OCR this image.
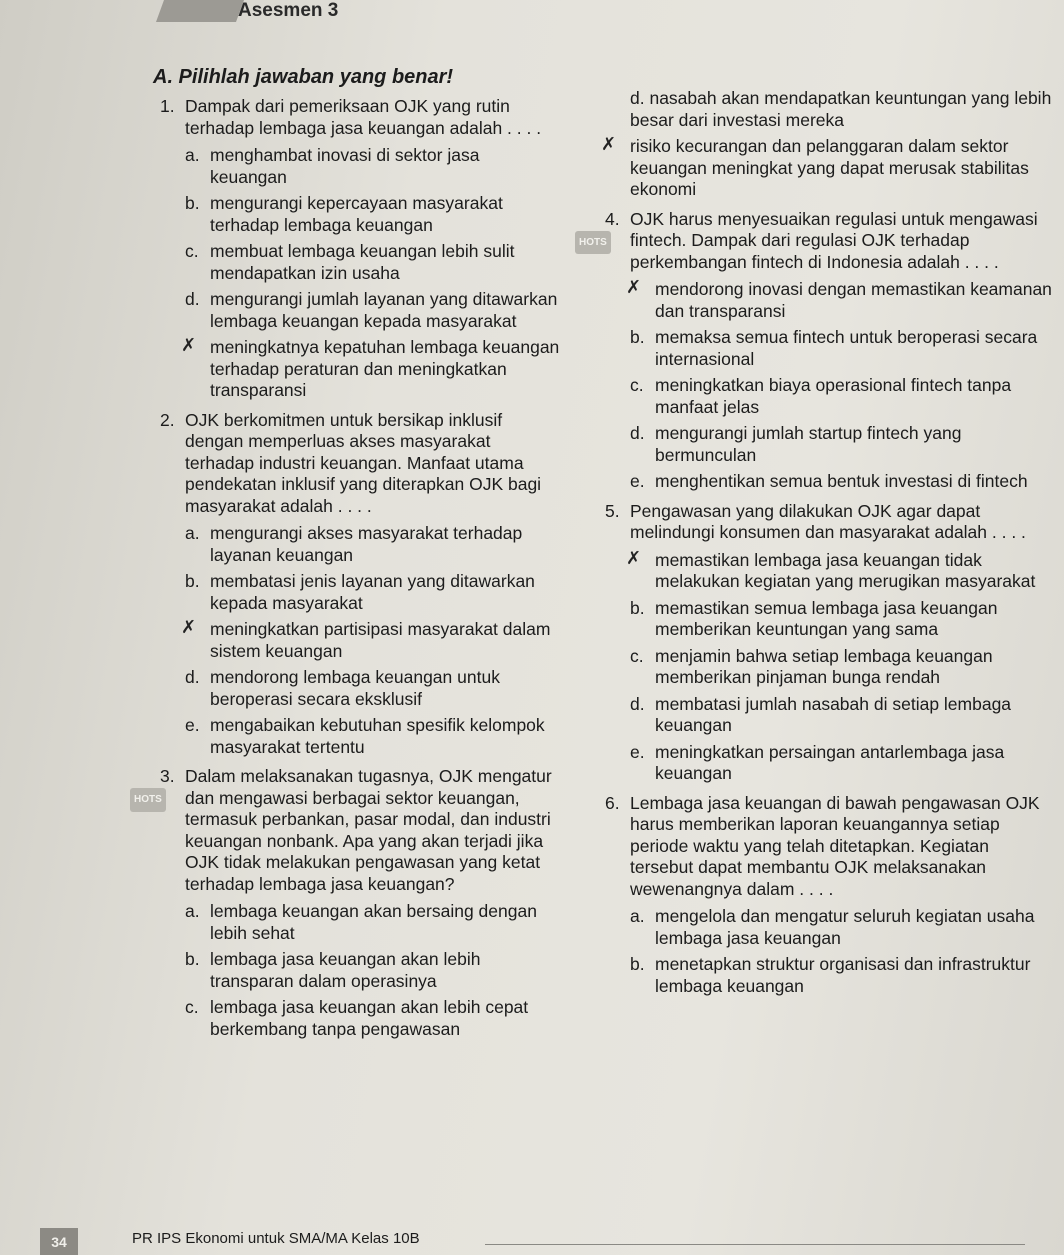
Asesmen 3
A. Pilihlah jawaban yang benar!
1. Dampak dari pemeriksaan OJK yang rutin terhadap lembaga jasa keuangan adalah . . . .
a. menghambat inovasi di sektor jasa keuangan
b. mengurangi kepercayaan masyarakat terhadap lembaga keuangan
c. membuat lembaga keuangan lebih sulit mendapatkan izin usaha
d. mengurangi jumlah layanan yang ditawarkan lembaga keuangan kepada masyarakat
✗ meningkatnya kepatuhan lembaga keuangan terhadap peraturan dan meningkatkan transparansi
2. OJK berkomitmen untuk bersikap inklusif dengan memperluas akses masyarakat terhadap industri keuangan. Manfaat utama pendekatan inklusif yang diterapkan OJK bagi masyarakat adalah . . . .
a. mengurangi akses masyarakat terhadap layanan keuangan
b. membatasi jenis layanan yang ditawarkan kepada masyarakat
✗ meningkatkan partisipasi masyarakat dalam sistem keuangan
d. mendorong lembaga keuangan untuk beroperasi secara eksklusif
e. mengabaikan kebutuhan spesifik kelompok masyarakat tertentu
3.
HOTS
Dalam melaksanakan tugasnya, OJK mengatur dan mengawasi berbagai sektor keuangan, termasuk perbankan, pasar modal, dan industri keuangan nonbank. Apa yang akan terjadi jika OJK tidak melakukan pengawasan yang ketat terhadap lembaga jasa keuangan?
a. lembaga keuangan akan bersaing dengan lebih sehat
b. lembaga jasa keuangan akan lebih transparan dalam operasinya
c. lembaga jasa keuangan akan lebih cepat berkembang tanpa pengawasan
d. nasabah akan mendapatkan keuntungan yang lebih besar dari investasi mereka
✗ risiko kecurangan dan pelanggaran dalam sektor keuangan meningkat yang dapat merusak stabilitas ekonomi
4.
HOTS
OJK harus menyesuaikan regulasi untuk mengawasi fintech. Dampak dari regulasi OJK terhadap perkembangan fintech di Indonesia adalah . . . .
✗ mendorong inovasi dengan memastikan keamanan dan transparansi
b. memaksa semua fintech untuk beroperasi secara internasional
c. meningkatkan biaya operasional fintech tanpa manfaat jelas
d. mengurangi jumlah startup fintech yang bermunculan
e. menghentikan semua bentuk investasi di fintech
5. Pengawasan yang dilakukan OJK agar dapat melindungi konsumen dan masyarakat adalah . . . .
✗ memastikan lembaga jasa keuangan tidak melakukan kegiatan yang merugikan masyarakat
b. memastikan semua lembaga jasa keuangan memberikan keuntungan yang sama
c. menjamin bahwa setiap lembaga keuangan memberikan pinjaman bunga rendah
d. membatasi jumlah nasabah di setiap lembaga keuangan
e. meningkatkan persaingan antarlembaga jasa keuangan
6. Lembaga jasa keuangan di bawah pengawasan OJK harus memberikan laporan keuangannya setiap periode waktu yang telah ditetapkan. Kegiatan tersebut dapat membantu OJK melaksanakan wewenangnya dalam . . . .
a. mengelola dan mengatur seluruh kegiatan usaha lembaga jasa keuangan
b. menetapkan struktur organisasi dan infrastruktur lembaga keuangan
34	PR IPS Ekonomi untuk SMA/MA Kelas 10B
